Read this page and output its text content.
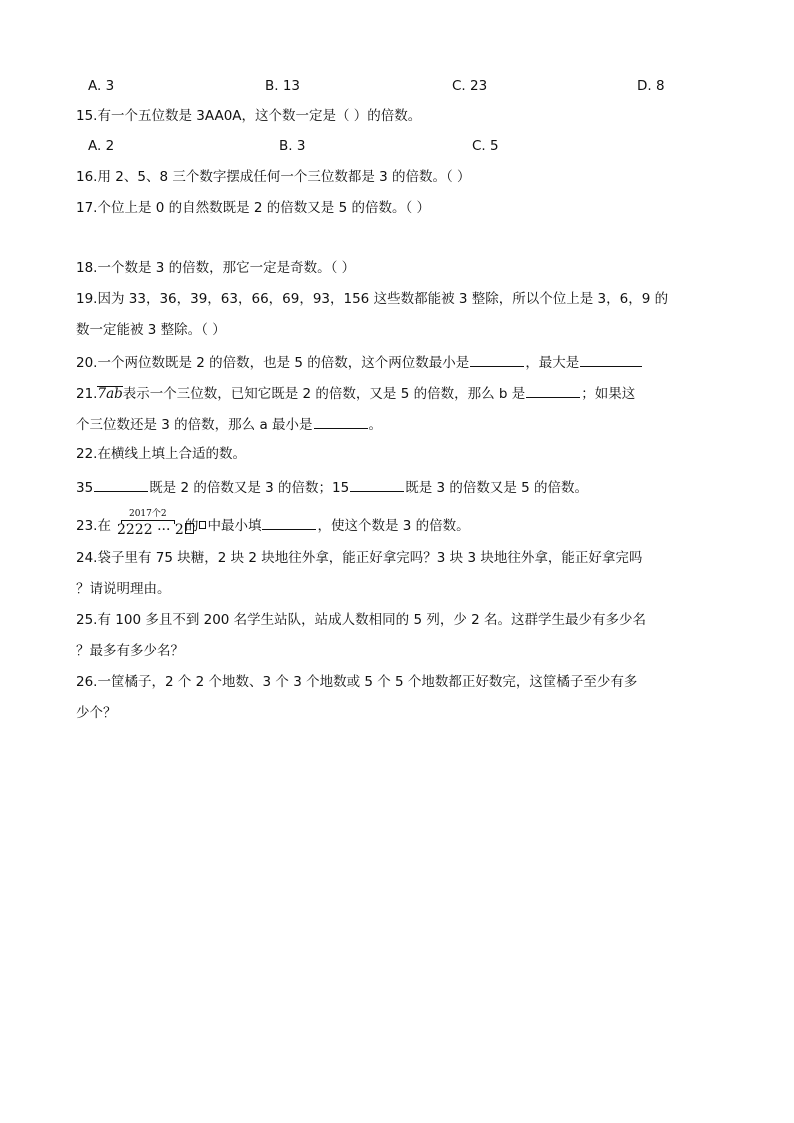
A. 3	B. 13	C. 23	D. 8
15.有一个五位数是 3AA0A，这个数一定是（ ）的倍数。
A. 2	B. 3	C. 5
16.用 2、5、8 三个数字摆成任何一个三位数都是 3 的倍数。（ ）
17.个位上是 0 的自然数既是 2 的倍数又是 5 的倍数。（ ）
18.一个数是 3 的倍数，那它一定是奇数。（ ）
19.因为 33，36，39，63，66，69，93，156 这些数都能被 3 整除，所以个位上是 3，6，9 的
数一定能被 3 整除。（ ）
20.一个两位数既是 2 的倍数，也是 5 的倍数，这个两位数最小是	，最大是
21.7ab表示一个三位数，已知它既是 2 的倍数，又是 5 的倍数，那么 b 是	；如果这
个三位数还是 3 的倍数，那么 a 最小是	。
22.在横线上填上合适的数。
35	既是 2 的倍数又是 3 的倍数；15	既是 3 的倍数又是 5 的倍数。
23.在
2017个2
2222 ··· 2 的 中最小填	，使这个数是 3 的倍数。
24.袋子里有 75 块糖，2 块 2 块地往外拿，能正好拿完吗？3 块 3 块地往外拿，能正好拿完吗
？请说明理由。
25.有 100 多且不到 200 名学生站队，站成人数相同的 5 列，少 2 名。这群学生最少有多少名
？最多有多少名？
26.一筐橘子，2 个 2 个地数、3 个 3 个地数或 5 个 5 个地数都正好数完，这筐橘子至少有多
少个？
